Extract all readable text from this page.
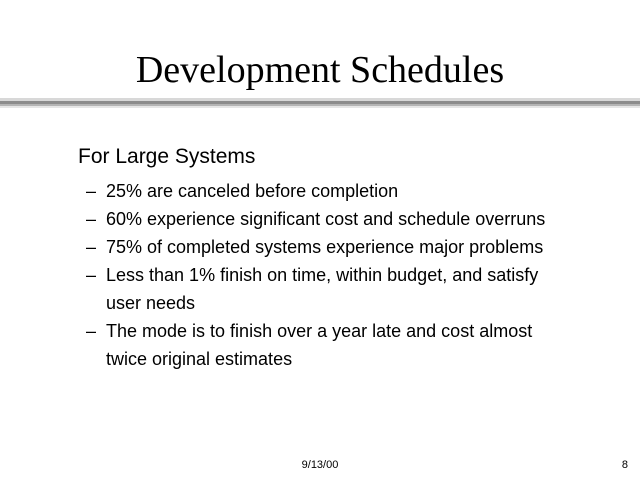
Development Schedules

For Large Systems

– 25% are canceled before completion
– 60% experience significant cost and schedule overruns
– 75% of completed systems experience major problems
– Less than 1% finish on time, within budget, and satisfy user needs
– The mode is to finish over a year late and cost almost twice original estimates
9/13/00	8
